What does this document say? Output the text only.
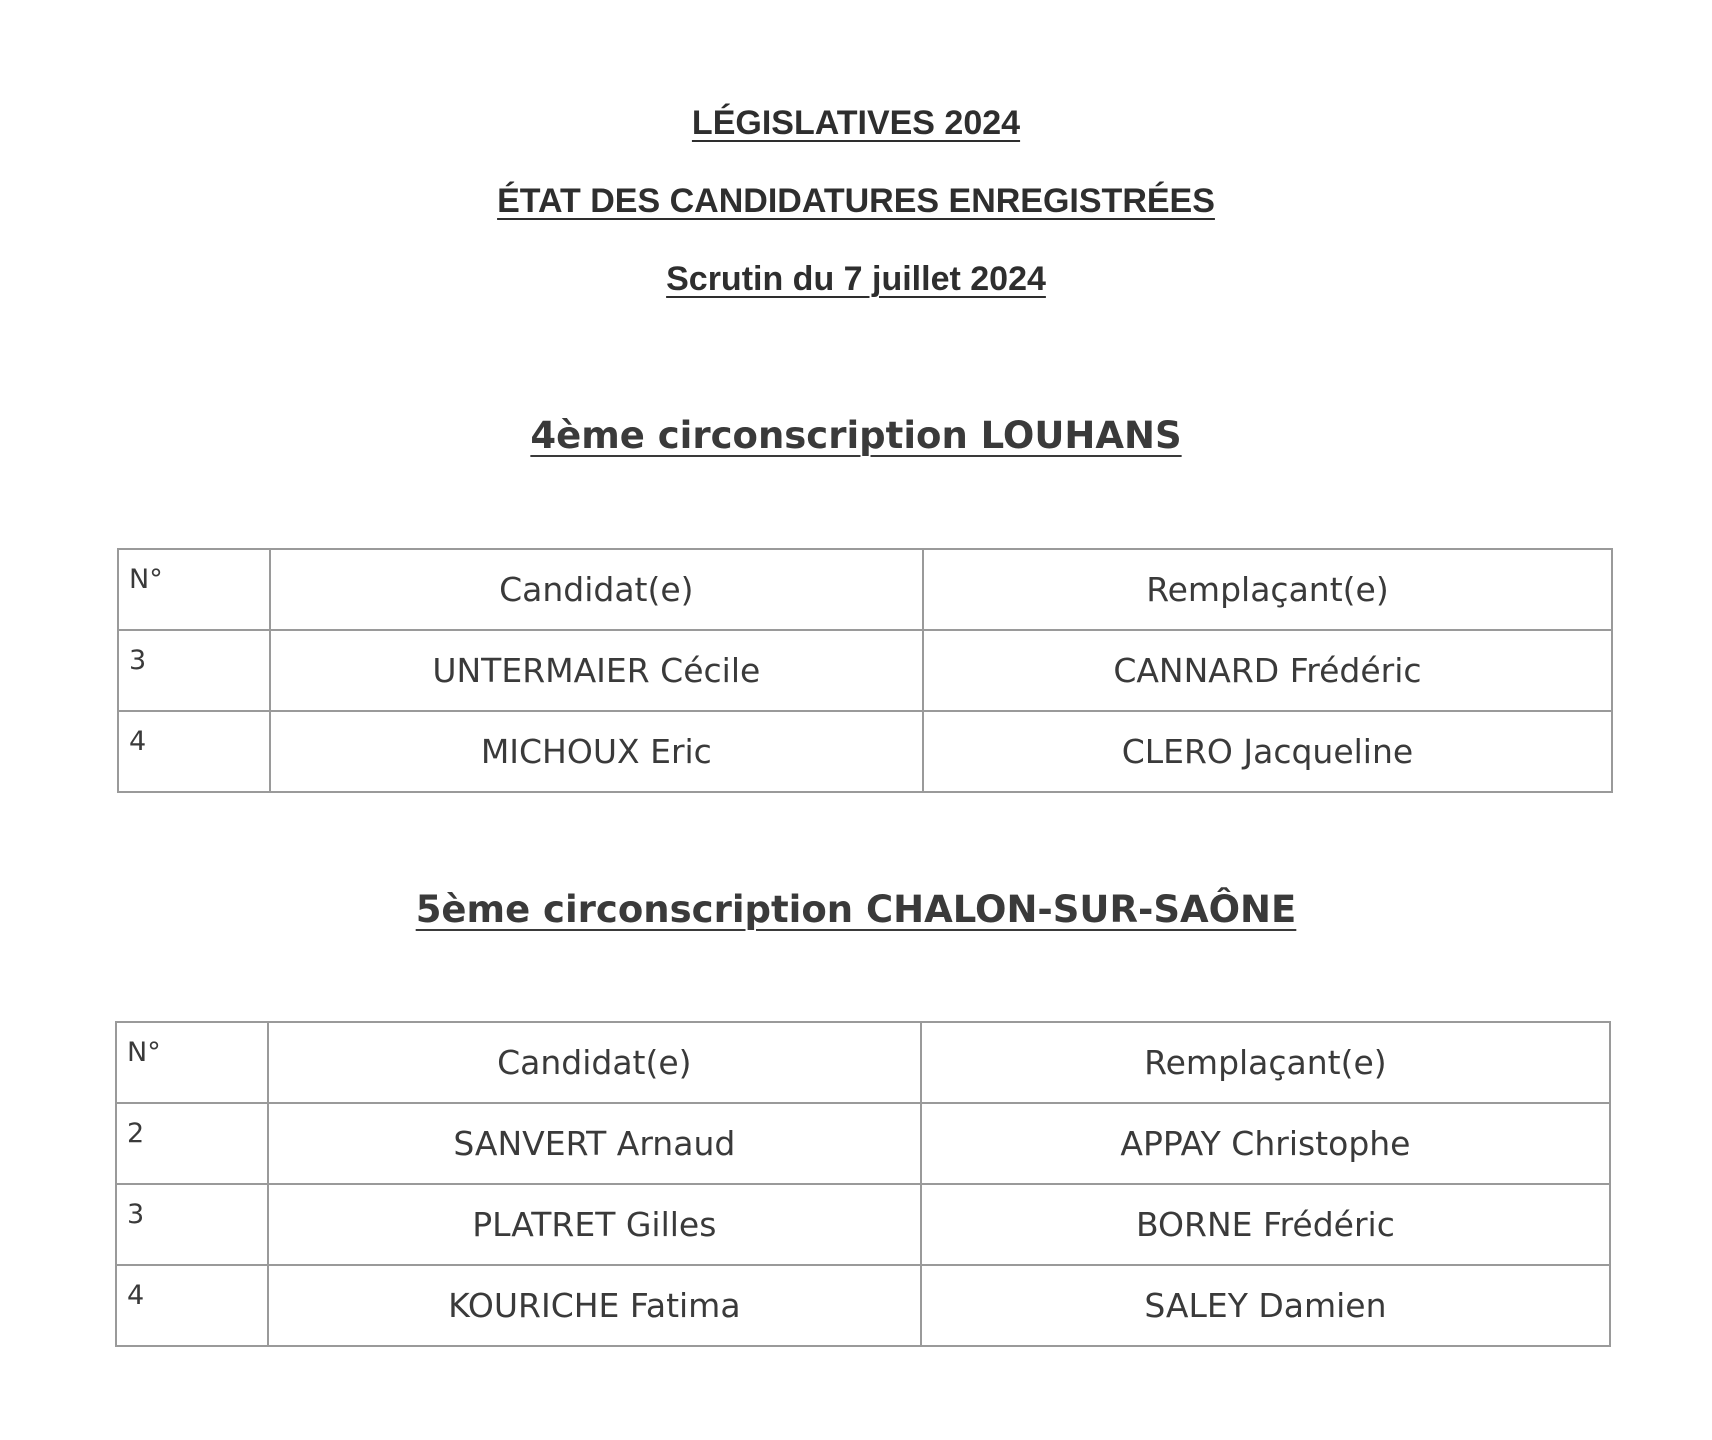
LÉGISLATIVES 2024
ÉTAT DES CANDIDATURES ENREGISTRÉES
Scrutin du 7 juillet 2024
4ème circonscription LOUHANS
N°	Candidat(e)	Remplaçant(e)
3	UNTERMAIER Cécile	CANNARD Frédéric
4	MICHOUX Eric	CLERO Jacqueline
5ème circonscription CHALON-SUR-SAÔNE
N°	Candidat(e)	Remplaçant(e)
2	SANVERT Arnaud	APPAY Christophe
3	PLATRET Gilles	BORNE Frédéric
4	KOURICHE Fatima	SALEY Damien
